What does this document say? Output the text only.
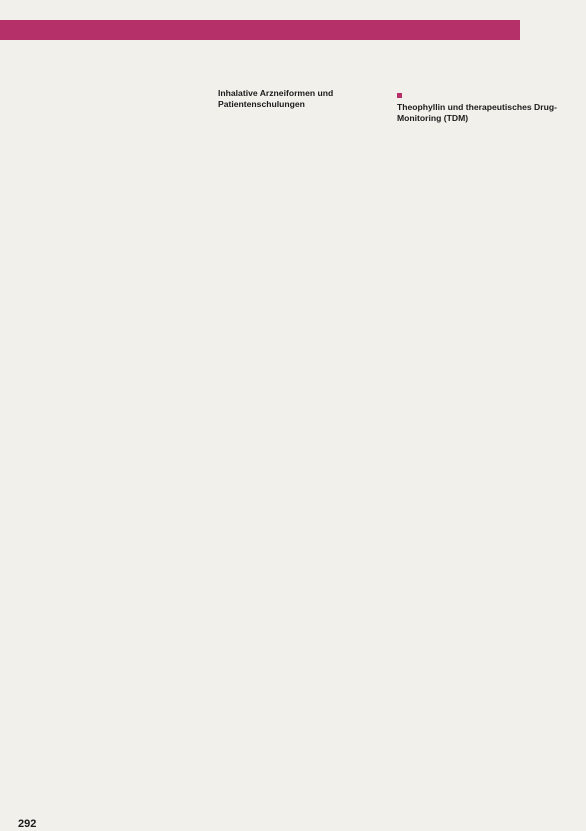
Inhalative Arzneiformen und Patientenschulungen	Theophyllin und therapeutisches Drug-Monitoring (TDM)

292
